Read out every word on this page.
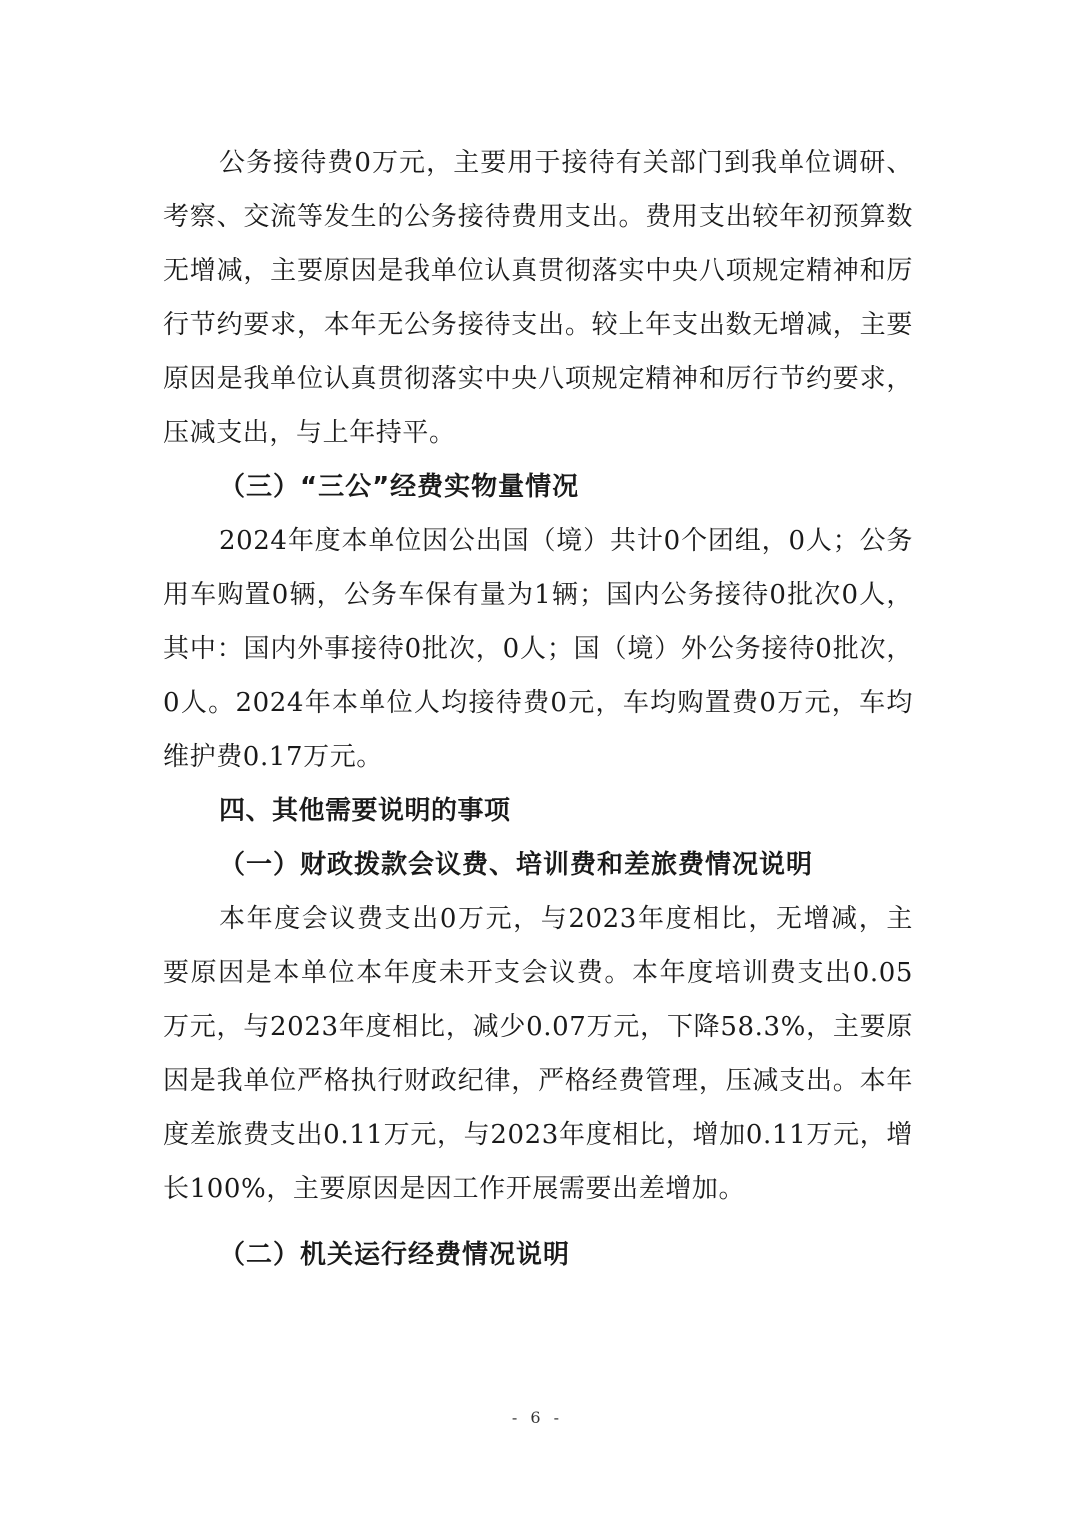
公务接待费0万元，主要用于接待有关部门到我单位调研、考察、交流等发生的公务接待费用支出。费用支出较年初预算数无增减，主要原因是我单位认真贯彻落实中央八项规定精神和厉行节约要求，本年无公务接待支出。较上年支出数无增减，主要原因是我单位认真贯彻落实中央八项规定精神和厉行节约要求，压减支出，与上年持平。

（三）“三公”经费实物量情况

2024年度本单位因公出国（境）共计0个团组，0人；公务用车购置0辆，公务车保有量为1辆；国内公务接待0批次0人，其中：国内外事接待0批次，0人；国（境）外公务接待0批次，0人。2024年本单位人均接待费0元，车均购置费0万元，车均维护费0.17万元。

四、其他需要说明的事项

（一）财政拨款会议费、培训费和差旅费情况说明

本年度会议费支出0万元，与2023年度相比，无增减，主要原因是本单位本年度未开支会议费。本年度培训费支出0.05万元，与2023年度相比，减少0.07万元，下降58.3%，主要原因是我单位严格执行财政纪律，严格经费管理，压减支出。本年度差旅费支出0.11万元，与2023年度相比，增加0.11万元，增长100%，主要原因是因工作开展需要出差增加。

（二）机关运行经费情况说明

- 6 -
